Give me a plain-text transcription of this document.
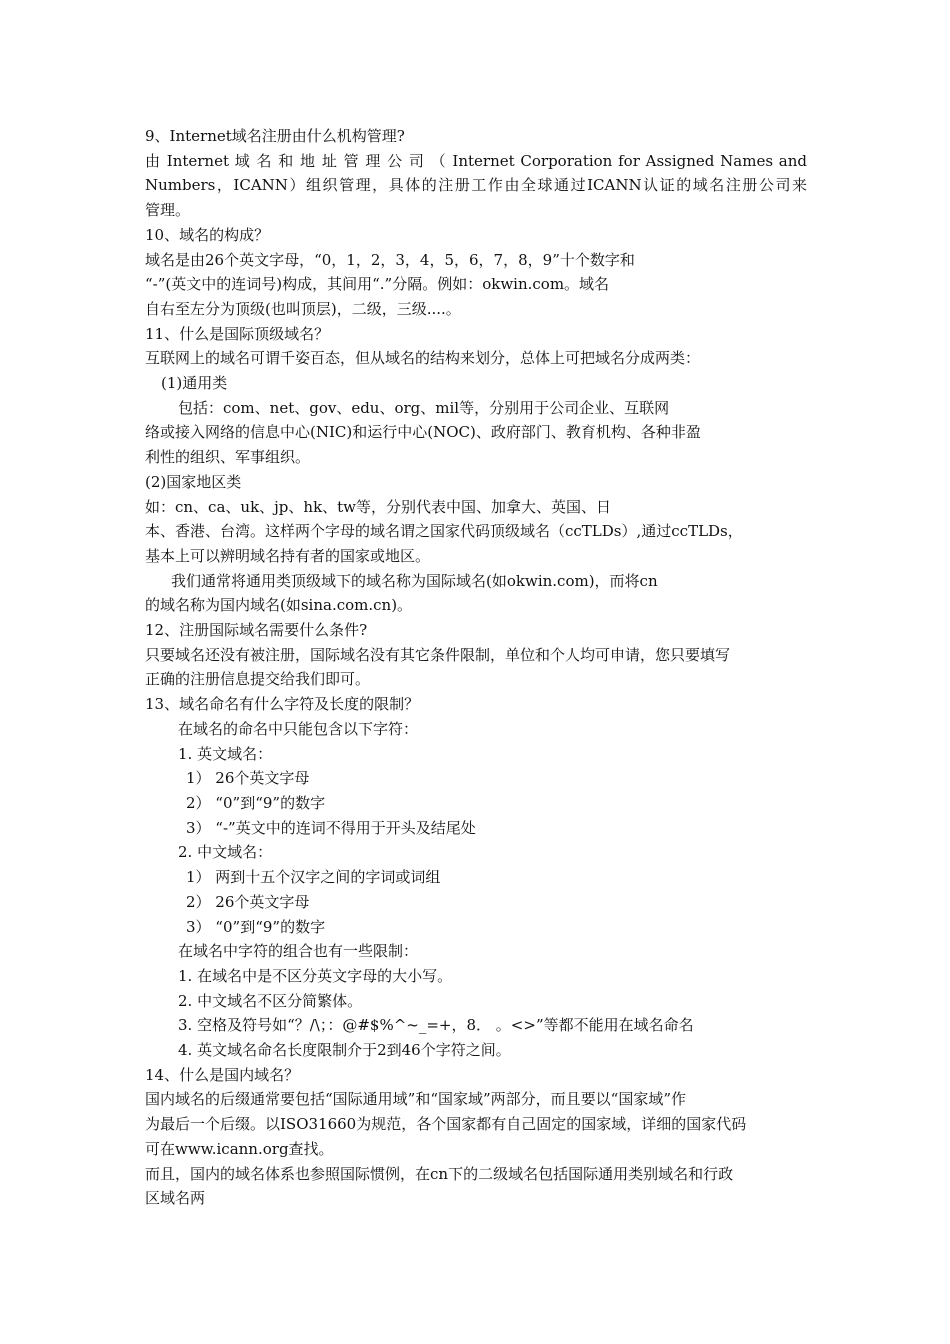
9、Internet域名注册由什么机构管理?

由 Internet 域 名 和 地 址 管 理 公 司 （ Internet Corporation for Assigned Names and

Numbers，ICANN）组织管理，具体的注册工作由全球通过ICANN认证的域名注册公司来

管理。

10、域名的构成？

域名是由26个英文字母，“0，1，2，3，4，5，6，7，8，9”十个数字和

“-”(英文中的连词号)构成，其间用“.”分隔。例如：okwin.com。域名

自右至左分为顶级(也叫顶层)，二级，三级....。

11、什么是国际顶级域名？

互联网上的域名可谓千姿百态，但从域名的结构来划分，总体上可把域名分成两类：

(1)通用类

包括：com、net、gov、edu、org、mil等，分别用于公司企业、互联网

络或接入网络的信息中心(NIC)和运行中心(NOC)、政府部门、教育机构、各种非盈

利性的组织、军事组织。

(2)国家地区类

如：cn、ca、uk、jp、hk、tw等，分别代表中国、加拿大、英国、日

本、香港、台湾。这样两个字母的域名谓之国家代码顶级域名（ccTLDs）,通过ccTLDs，

基本上可以辨明域名持有者的国家或地区。

我们通常将通用类顶级域下的域名称为国际域名(如okwin.com)，而将cn

的域名称为国内域名(如sina.com.cn)。

12、注册国际域名需要什么条件?

只要域名还没有被注册，国际域名没有其它条件限制，单位和个人均可申请，您只要填写

正确的注册信息提交给我们即可。

13、域名命名有什么字符及长度的限制？

在域名的命名中只能包含以下字符：

1. 英文域名：

1） 26个英文字母

2） “0”到“9”的数字

3） “-”英文中的连词不得用于开头及结尾处

2. 中文域名：

1） 两到十五个汉字之间的字词或词组

2） 26个英文字母

3） “0”到“9”的数字

在域名中字符的组合也有一些限制：

1. 在域名中是不区分英文字母的大小写。

2. 中文域名不区分简繁体。

3. 空格及符号如“？/\；：@#$%^~_=+，8． 。<>”等都不能用在域名命名

4. 英文域名命名长度限制介于2到46个字符之间。

14、什么是国内域名？

国内域名的后缀通常要包括“国际通用域”和“国家域”两部分，而且要以“国家域”作

为最后一个后缀。以ISO31660为规范，各个国家都有自己固定的国家域，详细的国家代码

可在www.icann.org查找。

而且，国内的域名体系也参照国际惯例，在cn下的二级域名包括国际通用类别域名和行政

区域名两
